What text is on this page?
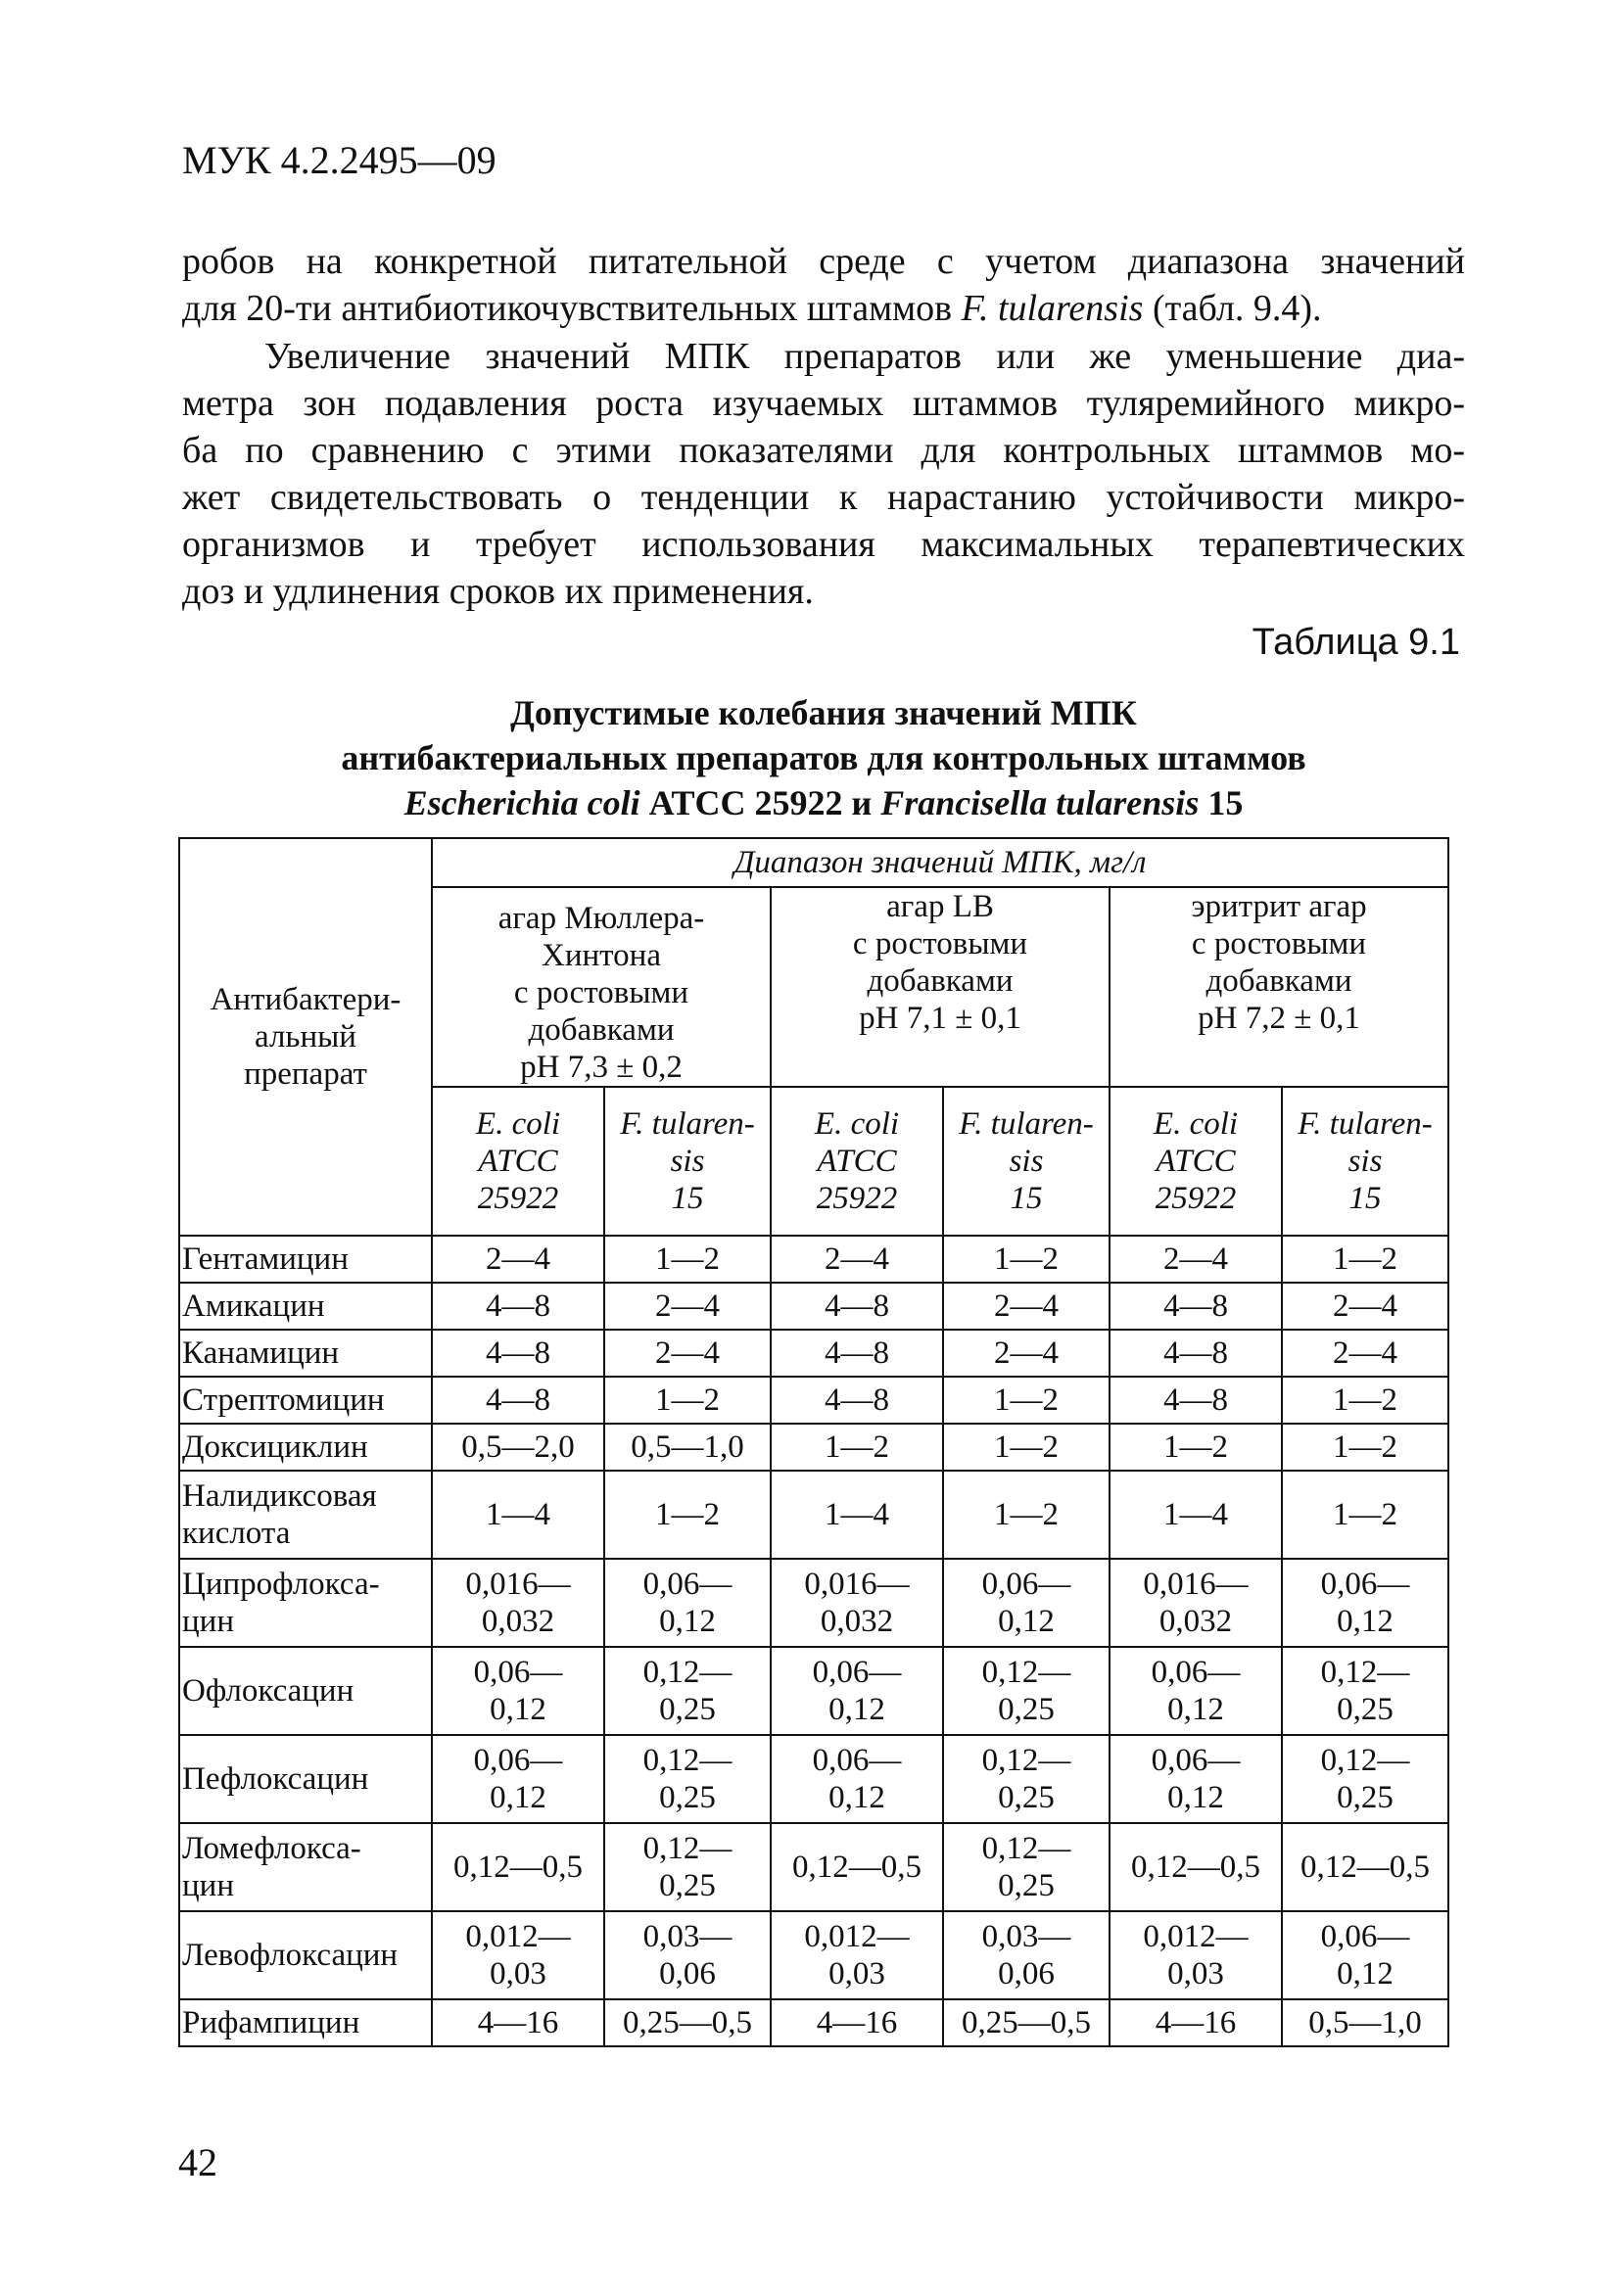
МУК 4.2.2495—09
робов на конкретной питательной среде с учетом диапазона значений
для 20-ти антибиотикочувствительных штаммов F. tularensis (табл. 9.4).
Увеличение значений МПК препаратов или же уменьшение диа-
метра зон подавления роста изучаемых штаммов туляремийного микро-
ба по сравнению с этими показателями для контрольных штаммов мо-
жет свидетельствовать о тенденции к нарастанию устойчивости микро-
организмов и требует использования максимальных терапевтических
доз и удлинения сроков их применения.
Таблица 9.1
Допустимые колебания значений МПК
антибактериальных препаратов для контрольных штаммов
Escherichia coli АТСС 25922 и Francisella tularensis 15
Антибактери-
альный
препарат	Диапазон значений МПК, мг/л					
	агар Мюллера-
Хинтона
с ростовыми
добавками
pH 7,3 ± 0,2		агар LB
с ростовыми
добавками
pH 7,1 ± 0,1		эритрит агар
с ростовыми
добавками
pH 7,2 ± 0,1	
	E. coli
ATCC
25922	F. tularen-
sis
15	E. coli
ATCC
25922	F. tularen-
sis
15	E. coli
ATCC
25922	F. tularen-
sis
15
Гентамицин	2—4	1—2	2—4	1—2	2—4	1—2
Амикацин	4—8	2—4	4—8	2—4	4—8	2—4
Канамицин	4—8	2—4	4—8	2—4	4—8	2—4
Стрептомицин	4—8	1—2	4—8	1—2	4—8	1—2
Доксициклин	0,5—2,0	0,5—1,0	1—2	1—2	1—2	1—2
Налидиксовая
кислота	1—4	1—2	1—4	1—2	1—4	1—2
Ципрофлокса-
цин	0,016—
0,032	0,06—
0,12	0,016—
0,032	0,06—
0,12	0,016—
0,032	0,06—
0,12
Офлоксацин	0,06—
0,12	0,12—
0,25	0,06—
0,12	0,12—
0,25	0,06—
0,12	0,12—
0,25
Пефлоксацин	0,06—
0,12	0,12—
0,25	0,06—
0,12	0,12—
0,25	0,06—
0,12	0,12—
0,25
Ломефлокса-
цин	0,12—0,5	0,12—
0,25	0,12—0,5	0,12—
0,25	0,12—0,5	0,12—0,5
Левофлоксацин	0,012—
0,03	0,03—
0,06	0,012—
0,03	0,03—
0,06	0,012—
0,03	0,06—
0,12
Рифампицин	4—16	0,25—0,5	4—16	0,25—0,5	4—16	0,5—1,0
42
